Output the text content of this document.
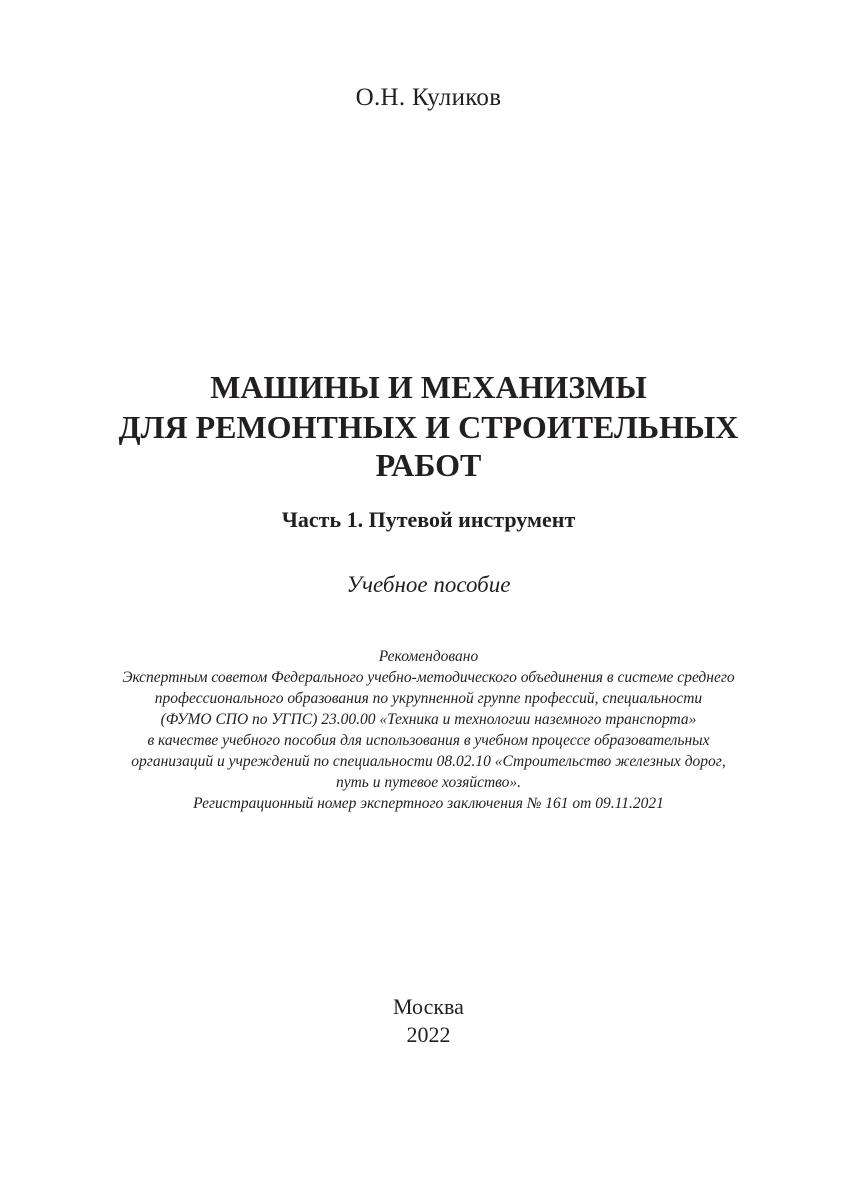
О.Н. Куликов
МАШИНЫ И МЕХАНИЗМЫ
ДЛЯ РЕМОНТНЫХ И СТРОИТЕЛЬНЫХ
РАБОТ
Часть 1. Путевой инструмент
Учебное пособие
Рекомендовано
Экспертным советом Федерального учебно-методического объединения в системе среднего
профессионального образования по укрупненной группе профессий, специальности
(ФУМО СПО по УГПС) 23.00.00 «Техника и технологии наземного транспорта»
в качестве учебного пособия для использования в учебном процессе образовательных
организаций и учреждений по специальности 08.02.10 «Строительство железных дорог,
путь и путевое хозяйство».
Регистрационный номер экспертного заключения № 161 от 09.11.2021
Москва
2022
